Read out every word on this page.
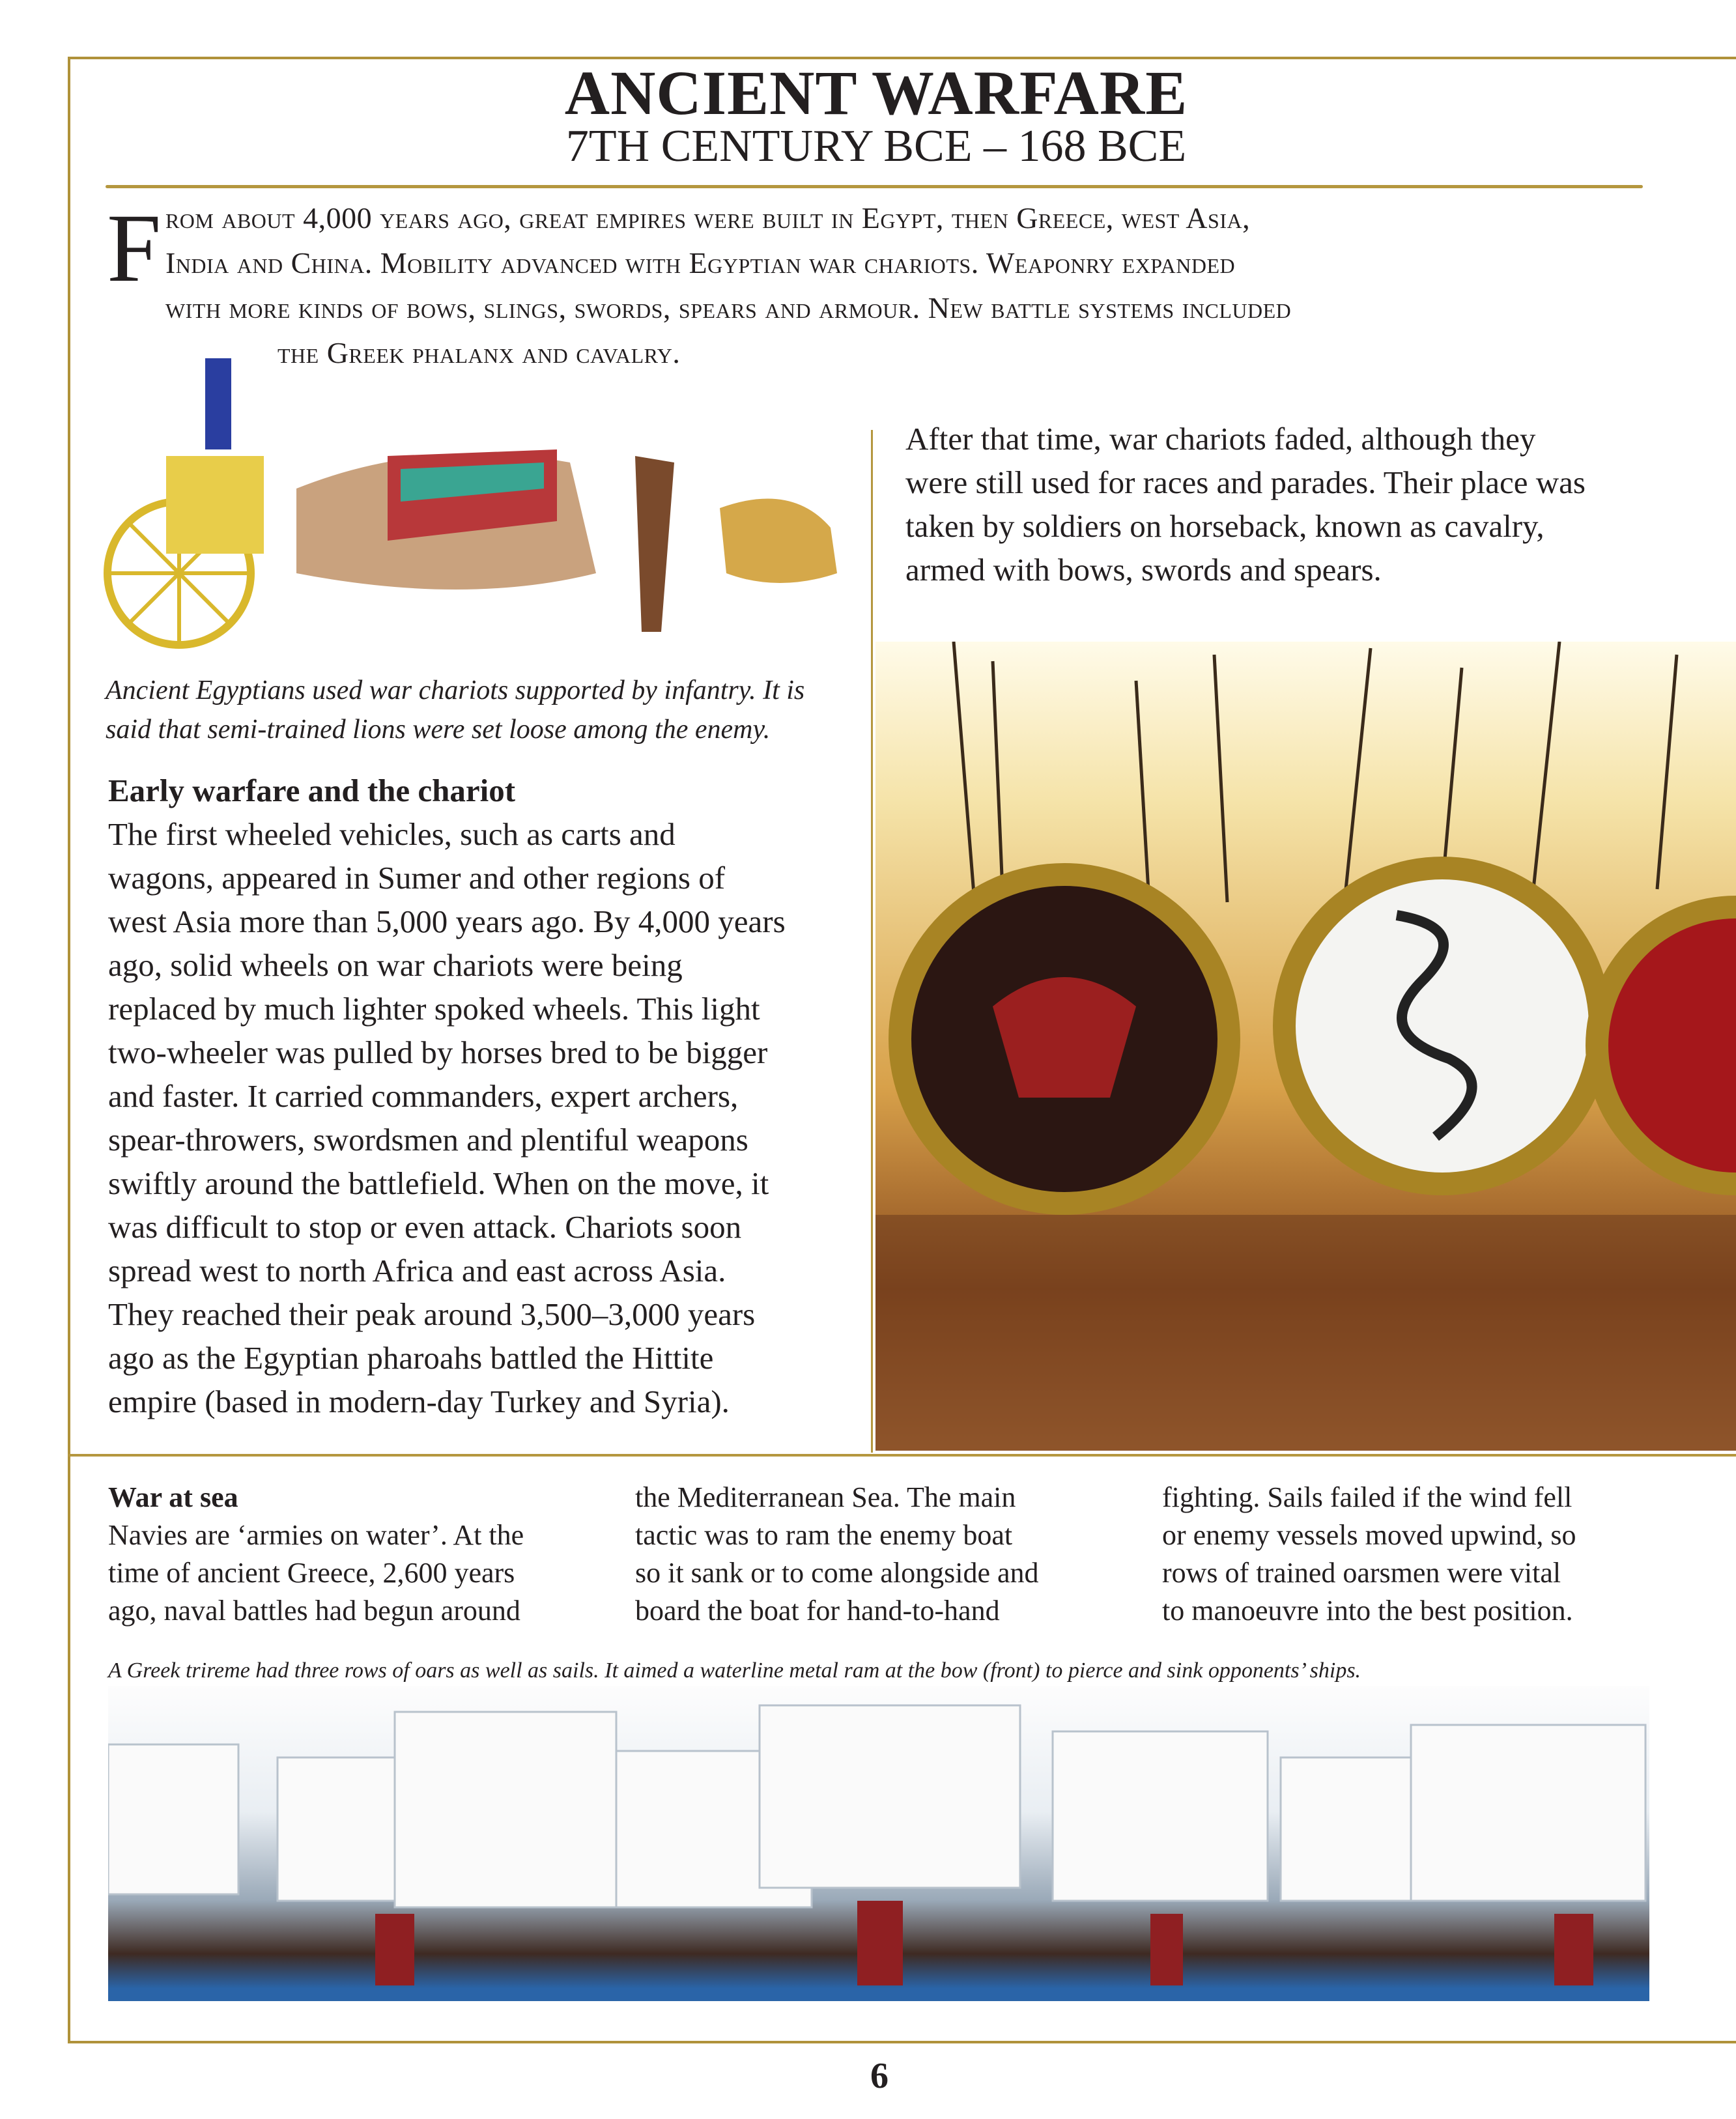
ANCIENT WARFARE
7TH CENTURY BCE – 168 BCE
F rom about 4,000 years ago, great empires were built in Egypt, then Greece, west Asia,
India and China. Mobility advanced with Egyptian war chariots. Weaponry expanded
with more kinds of bows, slings, swords, spears and armour. New battle systems included
the Greek phalanx and cavalry.
Ancient Egyptians used war chariots supported by infantry. It is
said that semi-trained lions were set loose among the enemy.
Early warfare and the chariot
The first wheeled vehicles, such as carts and
wagons, appeared in Sumer and other regions of
west Asia more than 5,000 years ago. By 4,000 years
ago, solid wheels on war chariots were being
replaced by much lighter spoked wheels. This light
two-wheeler was pulled by horses bred to be bigger
and faster. It carried commanders, expert archers,
spear-throwers, swordsmen and plentiful weapons
swiftly around the battlefield. When on the move, it
was difficult to stop or even attack. Chariots soon
spread west to north Africa and east across Asia.
They reached their peak around 3,500–3,000 years
ago as the Egyptian pharoahs battled the Hittite
empire (based in modern-day Turkey and Syria).
After that time, war chariots faded, although they
were still used for races and parades. Their place was
taken by soldiers on horseback, known as cavalry,
armed with bows, swords and spears.
War at sea
Navies are ‘armies on water’. At the
time of ancient Greece, 2,600 years
ago, naval battles had begun around
the Mediterranean Sea. The main
tactic was to ram the enemy boat
so it sank or to come alongside and
board the boat for hand-to-hand
fighting. Sails failed if the wind fell
or enemy vessels moved upwind, so
rows of trained oarsmen were vital
to manoeuvre into the best position.
A Greek trireme had three rows of oars as well as sails. It aimed a waterline metal ram at the bow (front) to pierce and sink opponents’ ships.
6
